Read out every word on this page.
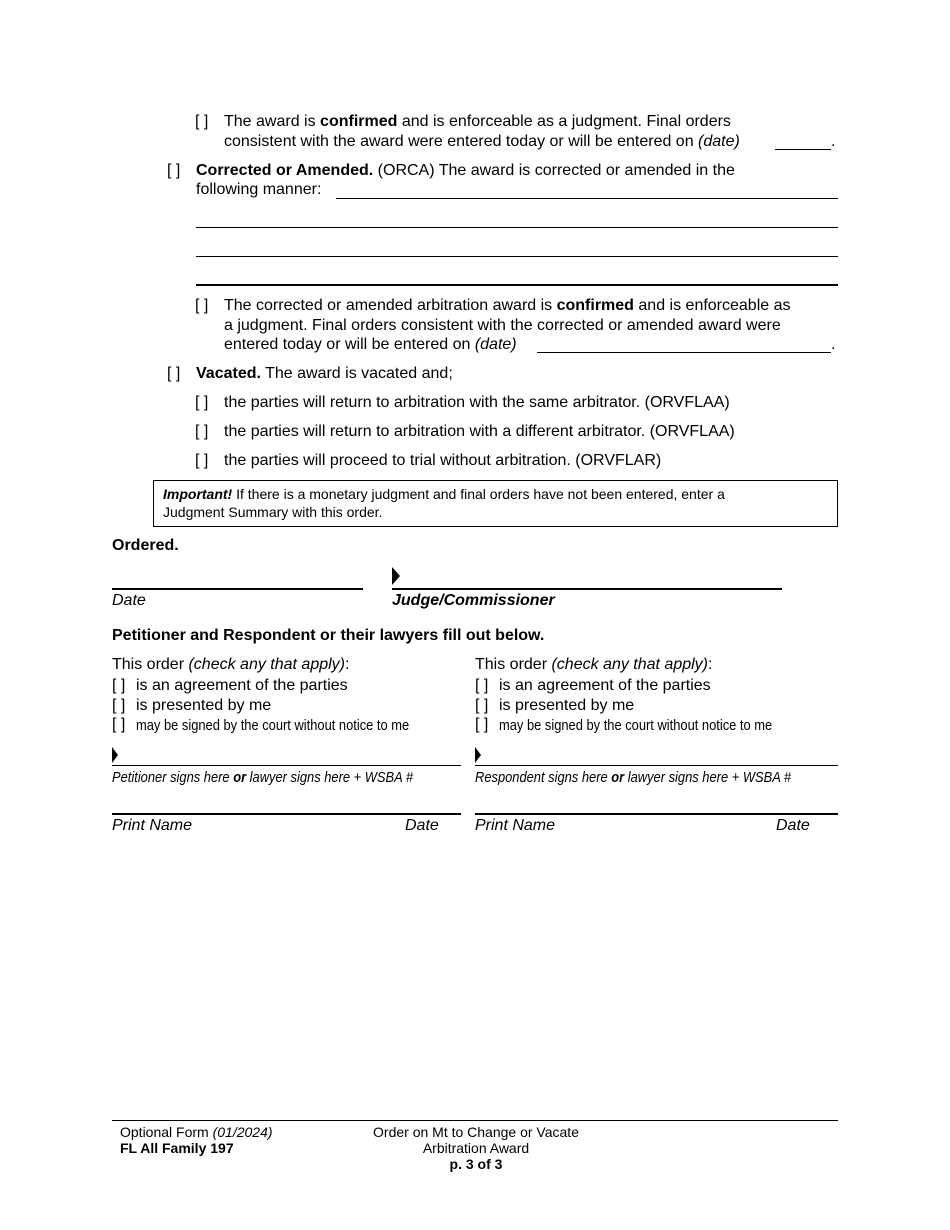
[ ] The award is confirmed and is enforceable as a judgment. Final orders
consistent with the award were entered today or will be entered on (date)	.
[ ] Corrected or Amended. (ORCA) The award is corrected or amended in the
following manner:
[ ] The corrected or amended arbitration award is confirmed and is enforceable as
a judgment. Final orders consistent with the corrected or amended award were
entered today or will be entered on (date)	.
[ ] Vacated. The award is vacated and;
[ ] the parties will return to arbitration with the same arbitrator. (ORVFLAA)
[ ] the parties will return to arbitration with a different arbitrator. (ORVFLAA)
[ ] the parties will proceed to trial without arbitration. (ORVFLAR)
Important! If there is a monetary judgment and final orders have not been entered, enter a
Judgment Summary with this order.
Ordered.
Date	Judge/Commissioner
Petitioner and Respondent or their lawyers fill out below.
This order (check any that apply):
[ ] is an agreement of the parties
[ ] is presented by me
[ ] may be signed by the court without notice to me
Petitioner signs here or lawyer signs here + WSBA #
Print Name	Date
This order (check any that apply):
[ ] is an agreement of the parties
[ ] is presented by me
[ ] may be signed by the court without notice to me
Respondent signs here or lawyer signs here + WSBA #
Print Name	Date
Optional Form (01/2024)
FL All Family 197
Order on Mt to Change or Vacate
Arbitration Award
p. 3 of 3
